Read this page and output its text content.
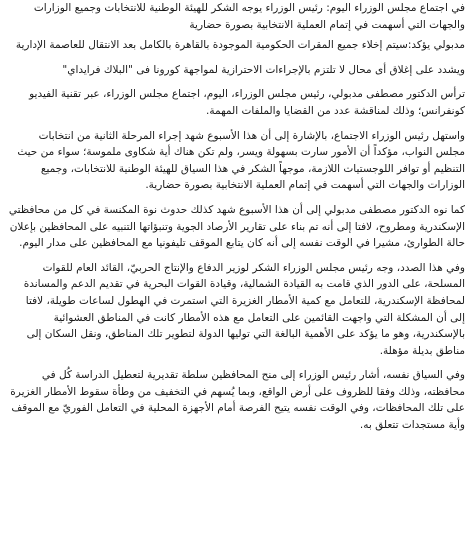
في اجتماع مجلس الوزراء اليوم: رئيس الوزراء يوجه الشكر للهيئة الوطنية للانتخابات وجميع الوزارات والجهات التي أسهمت في إتمام العملية الانتخابية بصورة حضارية

مدبولي يؤكد:سيتم إخلاء جميع المقرات الحكومية الموجودة بالقاهرة بالكامل بعد الانتقال للعاصمة الإدارية

ويشدد على إغلاق أى محال لا تلتزم بالإجراءات الاحترازية لمواجهة كورونا فى "البلاك فرايداي"

ترأس الدكتور مصطفى مدبولي، رئيس مجلس الوزراء، اليوم، اجتماع مجلس الوزراء، عبر تقنية الفيديو كونفرانس؛ وذلك لمناقشة عدد من القضايا والملفات المهمة.

واستهل رئيس الوزراء الاجتماع، بالإشارة إلى أن هذا الأسبوع شهد إجراء المرحلة الثانية من انتخابات مجلس النواب، مؤكداً أن الأمور سارت بسهولة ويسر، ولم تكن هناك أية شكاوى ملموسة؛ سواء من حيث التنظيم أو توافر اللوجستيات اللازمة، موجهاً الشكر في هذا السياق للهيئة الوطنية للانتخابات، وجميع الوزارات والجهات التي أسهمت في إتمام العملية الانتخابية بصورة حضارية.

كما نوه الدكتور مصطفى مدبولي إلى أن هذا الأسبوع شهد كذلك حدوث نوة المكنسة في كل من محافظتي الإسكندرية ومطروح، لافتا إلى أنه تم بناء على تقارير الأرصاد الجوية وتنبؤاتها التنبيه على المحافظين بإعلان حالة الطوارئ، مشيرا في الوقت نفسه إلى أنه كان يتابع الموقف تليفونيا مع المحافظين على مدار اليوم.

وفي هذا الصدد، وجه رئيس مجلس الوزراء الشكر لوزير الدفاع والإنتاج الحربيّ، القائد العام للقوات المسلحة، على الدور الذي قامت به القيادة الشمالية، وقيادة القوات البحرية في تقديم الدعم والمساندة لمحافظة الإسكندرية، للتعامل مع كمية الأمطار الغزيرة التي استمرت في الهطول لساعات طويلة، لافتا إلى أن المشكلة التي واجهت القائمين على التعامل مع هذه الأمطار كانت في المناطق العشوائية بالإسكندرية، وهو ما يؤكد على الأهمية البالغة التي توليها الدولة لتطوير تلك المناطق، ونقل السكان إلى مناطق بديلة مؤهلة.

وفي السياق نفسه، أشار رئيس الوزراء إلى منح المحافظين سلطة تقديرية لتعطيل الدراسة كُل في محافظته، وذلك وفقا للظروف على أرض الواقع، وبما يُسهم في التخفيف من وطأة سقوط الأمطار الغزيرة على تلك المحافظات، وفي الوقت نفسه يتيح الفرصة أمام الأجهزة المحلية في التعامل الفوريّ مع الموقف وأية مستجدات تتعلق به.
